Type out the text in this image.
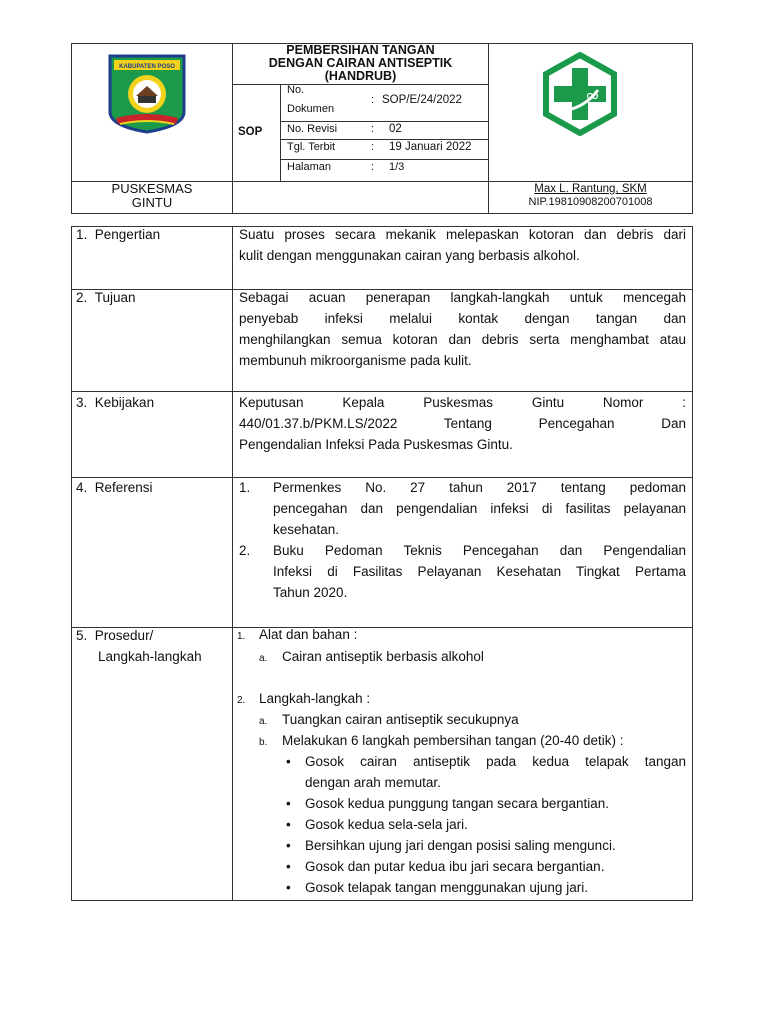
KABUPATEN POSO
PEMBERSIHAN TANGAN
DENGAN CAIRAN ANTISEPTIK
(HANDRUB)
SOP
No.
Dokumen
: SOP/E/24/2022
No. Revisi	: 02
Tgl. Terbit	: 19 Januari 2022
Halaman	: 1/3
PUSKESMAS
GINTU
Max L. Rantung, SKM
NIP.19810908200701008
1. Pengertian	Suatu proses secara mekanik melepaskan kotoran dan debris dari
kulit dengan menggunakan cairan yang berbasis alkohol.
2. Tujuan	Sebagai acuan penerapan langkah-langkah untuk mencegah
penyebab infeksi melalui kontak dengan tangan dan
menghilangkan semua kotoran dan debris serta menghambat atau
membunuh mikroorganisme pada kulit.
3. Kebijakan	Keputusan Kepala Puskesmas Gintu Nomor :
440/01.37.b/PKM.LS/2022 Tentang Pencegahan Dan
Pengendalian Infeksi Pada Puskesmas Gintu.
4. Referensi	1. Permenkes No. 27 tahun 2017 tentang pedoman
pencegahan dan pengendalian infeksi di fasilitas pelayanan
kesehatan.
2. Buku Pedoman Teknis Pencegahan dan Pengendalian
Infeksi di Fasilitas Pelayanan Kesehatan Tingkat Pertama
Tahun 2020.
5. Prosedur/
Langkah-langkah
1. Alat dan bahan :
a. Cairan antiseptik berbasis alkohol
2. Langkah-langkah :
a. Tuangkan cairan antiseptik secukupnya
b. Melakukan 6 langkah pembersihan tangan (20-40 detik) :
• Gosok cairan antiseptik pada kedua telapak tangan
dengan arah memutar.
• Gosok kedua punggung tangan secara bergantian.
• Gosok kedua sela-sela jari.
• Bersihkan ujung jari dengan posisi saling mengunci.
• Gosok dan putar kedua ibu jari secara bergantian.
• Gosok telapak tangan menggunakan ujung jari.
